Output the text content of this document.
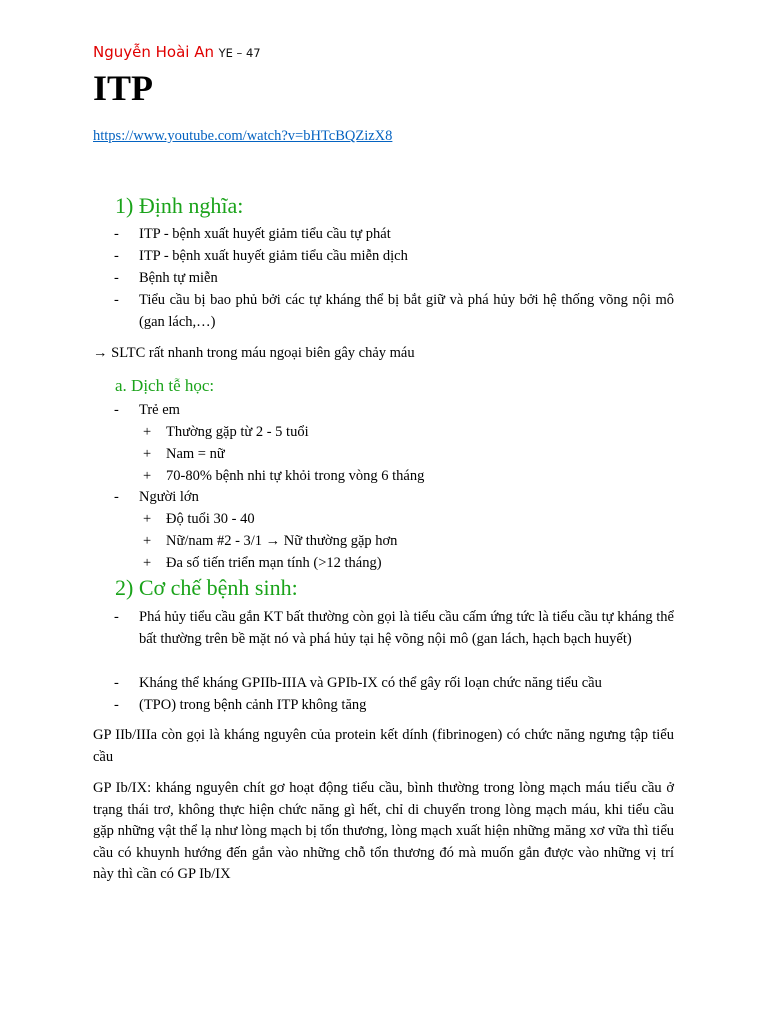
Nguyễn Hoài An YE – 47
ITP
https://www.youtube.com/watch?v=bHTcBQZizX8
1) Định nghĩa:
- ITP - bệnh xuất huyết giảm tiểu cầu tự phát
- ITP - bệnh xuất huyết giảm tiểu cầu miễn dịch
- Bệnh tự miễn
- Tiểu cầu bị bao phủ bởi các tự kháng thể bị bắt giữ và phá hủy bởi hệ thống võng nội mô (gan lách,…)
→ SLTC rất nhanh trong máu ngoại biên gây chảy máu
a. Dịch tễ học:
- Trẻ em
+ Thường gặp từ 2 - 5 tuổi
+ Nam = nữ
+ 70-80% bệnh nhi tự khỏi trong vòng 6 tháng
- Người lớn
+ Độ tuổi 30 - 40
+ Nữ/nam #2 - 3/1 → Nữ thường gặp hơn
+ Đa số tiến triển mạn tính (>12 tháng)
2) Cơ chế bệnh sinh:
- Phá hủy tiểu cầu gắn KT bất thường còn gọi là tiểu cầu cấm ứng tức là tiểu cầu tự kháng thể bất thường trên bề mặt nó và phá hủy tại hệ võng nội mô (gan lách, hạch bạch huyết)
- Kháng thể kháng GPIIb-IIIA và GPIb-IX có thể gây rối loạn chức năng tiểu cầu
- (TPO) trong bệnh cảnh ITP không tăng

GP IIb/IIIa còn gọi là kháng nguyên của protein kết dính (fibrinogen) có chức năng ngưng tập tiểu cầu

GP Ib/IX: kháng nguyên chít gơ hoạt động tiểu cầu, bình thường trong lòng mạch máu tiểu cầu ở trạng thái trơ, không thực hiện chức năng gì hết, chỉ di chuyển trong lòng mạch máu, khi tiểu cầu gặp những vật thể lạ như lòng mạch bị tổn thương, lòng mạch xuất hiện những măng xơ vữa thì tiểu cầu có khuynh hướng đến gắn vào những chỗ tổn thương đó mà muốn gắn được vào những vị trí này thì cần có GP Ib/IX
